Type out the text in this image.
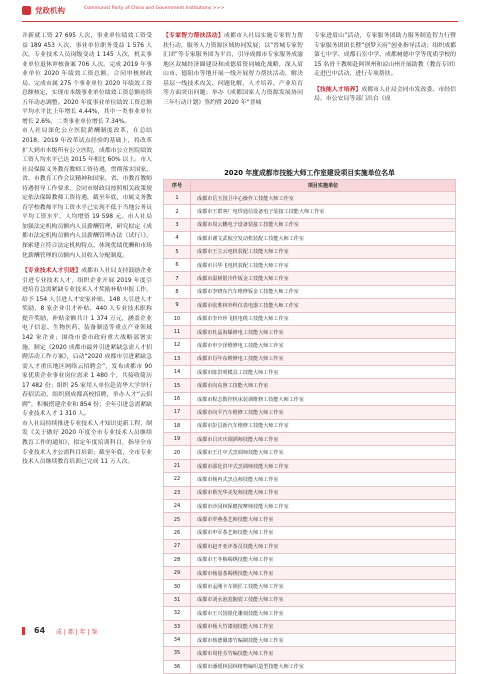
党政机构	Communist Party of China and Government Institutions >>>

并新就工资 27 695 人次，事业单位绩效工资受益 189 453 人次，事业单位职务受益 1 576 人次，专业技术人员岗级变动 1 145 人次，机关事业单位退休审核备案 706 人次。完成 2019 年事业单位 2020 年绩效工资总额，合同审核财政局、完成市属 275 个事业单位 2020 年绩效工资总额核定，实现市本级事业单位绩效工资总额连续五年动态调整。2020 年度事业单位绩效工资总额平均水平比上年增长 4.44%，其中一类事业单位增长 2.6%，二类事业单位增长 7.34%。

市人社局深化公立医院薪酬制度改革，在总结 2018、2019 年改革试点经验的基础上，将改革扩大到市本级所有公立医院，成都市公立医院绩效工资人均水平已达 2015 年相比 60% 以上。市人社局保障义务教育教师工资待遇，贯彻落实国家、省、市教育工作会议精神和国家、省、市教育教师待遇督导工作要求，会同市财政局按照相关政策规定依法保障教师工资待遇，截至年底，市属义务教育学校教师平均工资水平已实现不低于当地公务员平均工资水平，人均增资 19 598 元。市人社局加强法定机构员额内人员薪酬管理，研究拟定《成都市法定机构员额内人员薪酬管理办法（试行）》，探索建立符合法定机构特点、体现优绩优酬和市场化薪酬管理的员额内人员收入分配制度。

【专业技术人才引进】成都市人社局支持鼓励企业引进专业技术人才，组织企业开展 2019 年度引进培育急需紧缺专业技术人才奖励补贴申报工作，给予 154 人引进人才安家补贴、148 人引进人才奖励，8 家企业引才补贴、440 人专业技术职称提升奖励，补贴金额共计 1 374 万元，涵盖企业电子信息、生物医药、装备制造等重点产业领域 142 家企业；围绕市委市政府重大战略部署实施，制定《2020 成都市最外引进紧缺急需人才招聘活动工作方案》，启动“2020 成都市引进紧缺急需人才重庆地区网络云招聘会”，发布成都市 90 家优质企业事业岗位需求 1 480 个，共接收简历 17 482 份；组织 25 家用人单位赴清华大学举行春招活动，组织到成都高校招聘，举办人才“云招聘”，积极搭建企业和 854 份；全年引进急需紧缺专业技术人才 1 310 人。

市人社局持续推进专业技术人才知识更新工程，制发《关于做好 2020 年度全市专业技术人员继续教育工作的通知》，拟定年度培训科目，指导全市专业技术人才公需科目培训；截至年底，全市专业技术人员继续教育培训已完成 11 万人次。

【专家智力帮扶活动】成都市人社局实施专家智力帮扶行动，服务人力资源区域协同发展；以“普城专家智汇团”等专家服务团为平台，引导成都市专家服务成渝地区双城经济圈建设和成德眉资同城化战略，深入眉山市、德阳市等地开展一线开展智力帮扶活动，解决基层一线技术攻关、问题化解、人才培养、产业培育等方面突出问题；举办《成都国家人力资源发展协同三年行动计划》签约暨 2020 年“普城

专家进眉山”活动，专家服务团助力服务制造智力行暨专家服务团团长暨“创梦天府”创业指导活动；组织成都第七中学、成都石室中学、成都树德中学等优质学校的 15 名骨干教师赴阿坝州和凉山州开展助教（教育专团）走进巴中活动，进行专项帮扶。

【技能人才培养】成都市人社局会同市发改委、市经信局、市公安局等部门出台《成

2020 年度成都市技能大师工作室建设项目实施单位名单
序号	项目实施单位
1	成都市岳玉国卫中心操作工技能大师工作室
2	成都市王群客厂电焊通信设备电子装接工技能大师工作室
3	成都市周云鹏电子设备装接工技能大师工作室
4	成都市谢文武航空发动机装配工技能大师工作室
5	成都市王立云电机装配工技能大师工作室
6	成都市吕华飞电机装配工技能大师工作室
7	成都市温树银冷作钣金工技能大师工作室
8	成都市李晓东汽车维修钣金工技能大师工作室
9	成都市张胜林外科仪表电器工技能大师工作室
10	成都市李玲珍飞机电缆工技能大师工作室
11	成都市杜晶海爆修电工技能大师工作室
12	成都市申少泽维修电工技能大师工作室
13	成都市肖年东维修电工技能大师工作室
14	成都市陈洪明模具工技能大师工作室
15	成都市向东照工技能大师工作室
16	成都市程志数控机床装调维修工技能大师工作室
17	成都市向平汽车维修工技能大师工作室
18	成都市彭昌新汽车维修工技能大师工作室
19	成都市吕庆庆调酒师技能大师工作室
20	成都市王江中式烹调师技能大师工作室
21	成都市邵化洪中式烹调师技能大师工作室
22	成都市杨再式烹点师技能大师工作室
23	成都市蔡光华美发师技能大师工作室
24	成都市沙园林保健按摩师技能大师工作室
25	成都市罗燕茶艺师技能大师工作室
26	成都市申军茶艺师技能大师工作室
27	成都市赵开亚评茶员技能大师工作室
28	成都市王冬梅蜀绣技能大师工作室
29	成都市杨量茶蜀绣技能大师工作室
30	成都市孟刚卡车锁匠工技能大师工作室
31	成都市刘水泡瓷陶瓷工技能大师工作室
32	成都市王兴国银化雕刻技能大师工作室
33	成都市杨大竹漆刻技能大师工作室
34	成都市杨德佩漆竹编制技能大师工作室
35	成都市周桂芬竹编技能大师工作室
36	成都市潘缓林园林植物编织造型技能大师工作室
64 成 | 都 | 年 | 鉴
